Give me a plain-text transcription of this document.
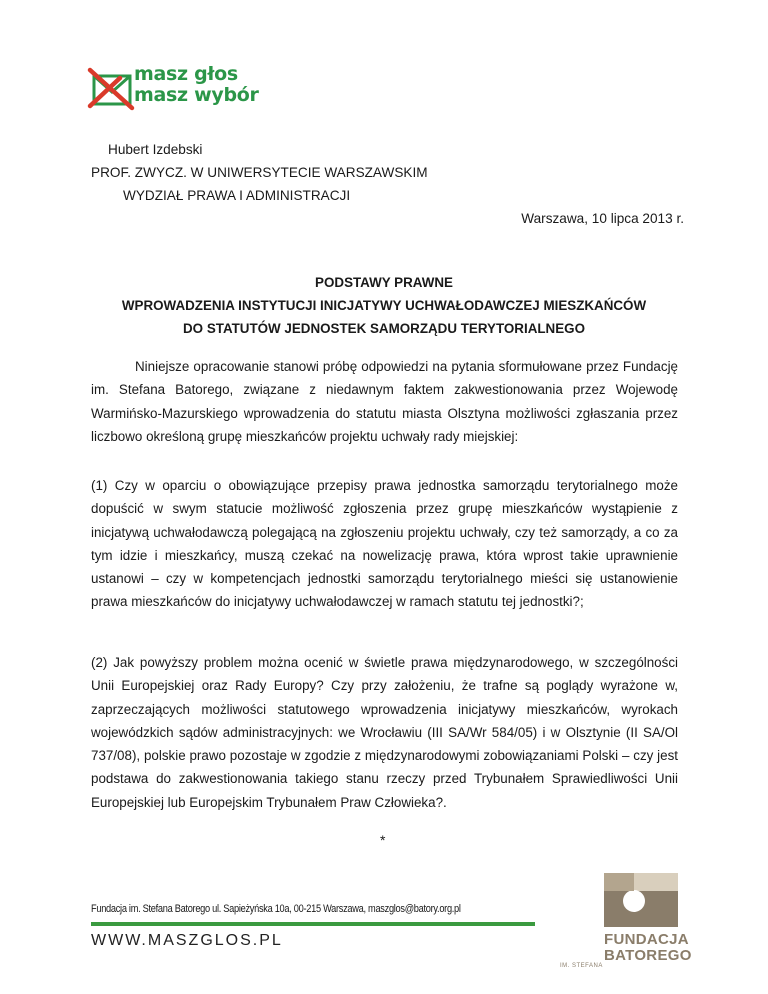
masz głos
masz wybór
Hubert Izdebski
PROF. ZWYCZ. W UNIWERSYTECIE WARSZAWSKIM
WYDZIAŁ PRAWA I ADMINISTRACJI
Warszawa, 10 lipca 2013 r.
PODSTAWY PRAWNE
WPROWADZENIA INSTYTUCJI INICJATYWY UCHWAŁODAWCZEJ MIESZKAŃCÓW
DO STATUTÓW JEDNOSTEK SAMORZĄDU TERYTORIALNEGO
Niniejsze opracowanie stanowi próbę odpowiedzi na pytania sformułowane przez Fundację im. Stefana Batorego, związane z niedawnym faktem zakwestionowania przez Wojewodę Warmińsko-Mazurskiego wprowadzenia do statutu miasta Olsztyna możliwości zgłaszania przez liczbowo określoną grupę mieszkańców projektu uchwały rady miejskiej:
(1) Czy w oparciu o obowiązujące przepisy prawa jednostka samorządu terytorialnego może dopuścić w swym statucie możliwość zgłoszenia przez grupę mieszkańców wystąpienie z inicjatywą uchwałodawczą polegającą na zgłoszeniu projektu uchwały, czy też samorządy, a co za tym idzie i mieszkańcy, muszą czekać na nowelizację prawa, która wprost takie uprawnienie ustanowi – czy w kompetencjach jednostki samorządu terytorialnego mieści się ustanowienie prawa mieszkańców do inicjatywy uchwałodawczej w ramach statutu tej jednostki?;
(2) Jak powyższy problem można ocenić w świetle prawa międzynarodowego, w szczególności Unii Europejskiej oraz Rady Europy? Czy przy założeniu, że trafne są poglądy wyrażone w, zaprzeczających możliwości statutowego wprowadzenia inicjatywy mieszkańców, wyrokach wojewódzkich sądów administracyjnych: we Wrocławiu (III SA/Wr 584/05) i w Olsztynie (II SA/Ol 737/08), polskie prawo pozostaje w zgodzie z międzynarodowymi zobowiązaniami Polski – czy jest podstawa do zakwestionowania takiego stanu rzeczy przed Trybunałem Sprawiedliwości Unii Europejskiej lub Europejskim Trybunałem Praw Człowieka?.
*
Fundacja im. Stefana Batorego ul. Sapieżyńska 10a, 00-215 Warszawa, maszglos@batory.org.pl
WWW.MASZGLOS.PL
IM. STEFANA
FUNDACJA
BATOREGO
